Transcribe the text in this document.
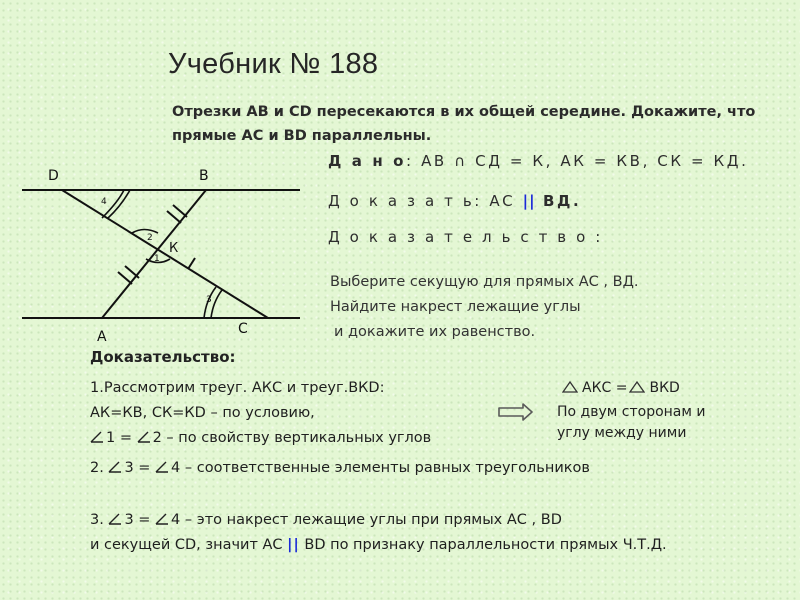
Учебник № 188
Отрезки АВ и CD пересекаются в их общей середине. Докажите, что
прямые АС и ВD параллельны.
Д а н о: АВ ∩ СД = К, АК = КВ, СК = КД.
Д о к а з а т ь: АС || ВД.
Д о к а з а т е л ь с т в о :
Выберите секущую для прямых АС , ВД.
Найдите накрест лежащие углы
и докажите их равенство.
D	B
A	C
К
4
2
1
3
Доказательство:
1.Рассмотрим треуг. АКС и треуг.ВКD:
АК=КВ, СК=КD – по условию,
1 = 2 – по свойству вертикальных углов
АКС = ВКD
По двум сторонам и
углу между ними
2. 3 = 4 – соответственные элементы равных треугольников
3. 3 = 4 – это накрест лежащие углы при прямых АС , ВD
и секущей СD, значит АС || ВD по признаку параллельности прямых Ч.Т.Д.
